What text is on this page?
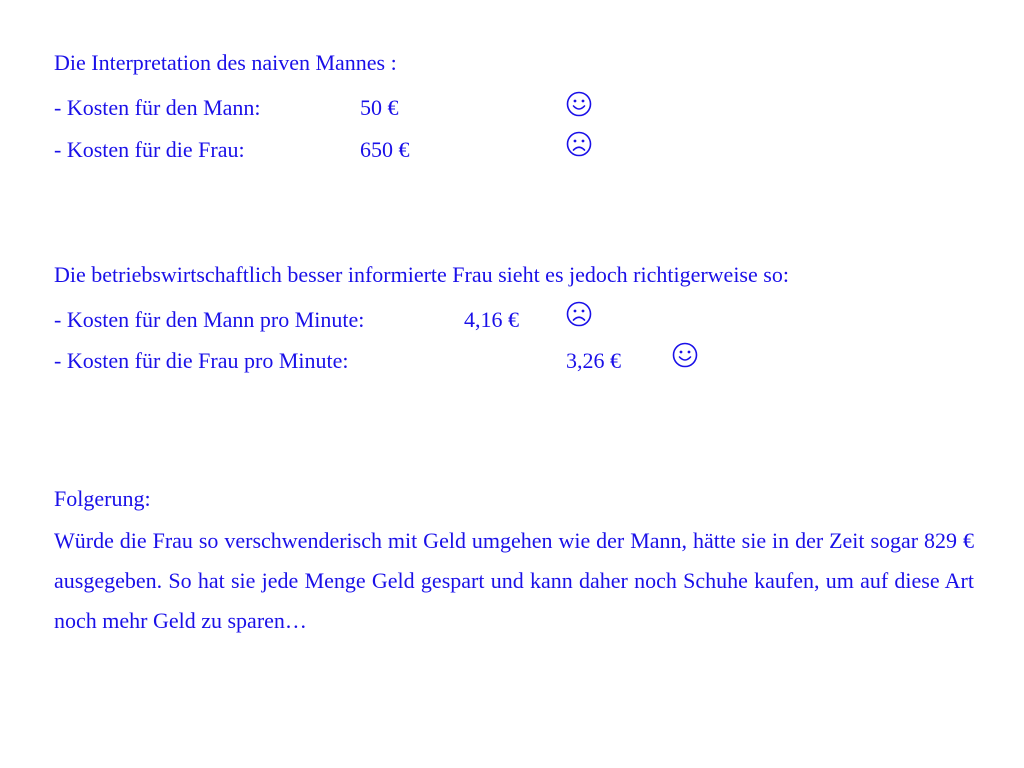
Die Interpretation des naiven Mannes :
- Kosten für den Mann:	50 €
- Kosten für die Frau:	650 €
Die betriebswirtschaftlich besser informierte Frau sieht es jedoch richtigerweise so:
- Kosten für den Mann pro Minute:	4,16 €
- Kosten für die Frau pro Minute:	3,26 €
Folgerung:
Würde die Frau so verschwenderisch mit Geld umgehen wie der Mann, hätte sie in der Zeit sogar 829 € ausgegeben. So hat sie jede Menge Geld gespart und kann daher noch Schuhe kaufen, um auf diese Art noch mehr Geld zu sparen…
